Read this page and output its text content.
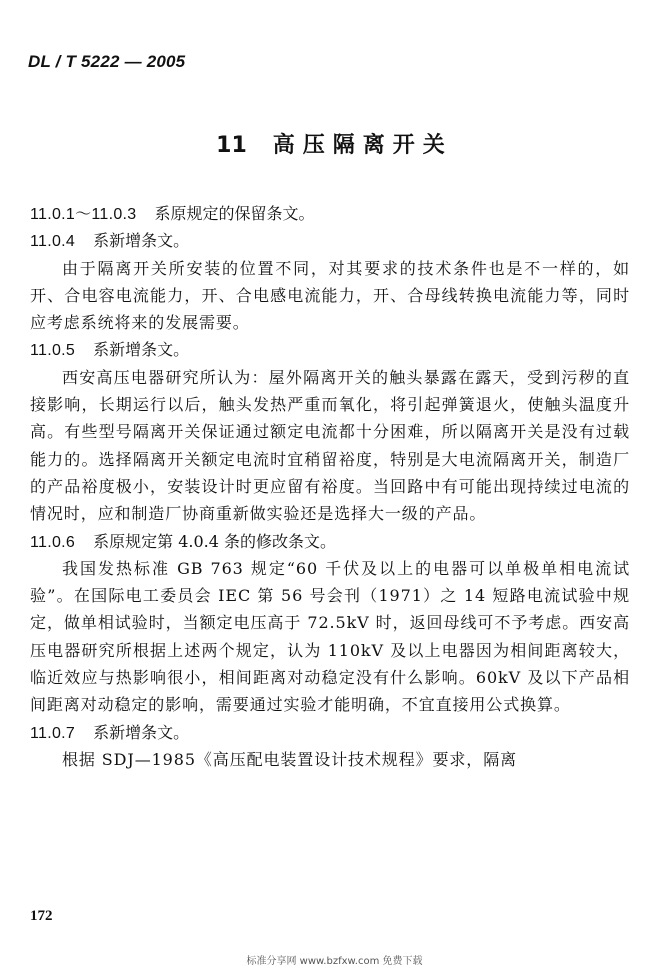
DL / T 5222 — 2005
11 高压隔离开关
11.0.1～11.0.3 系原规定的保留条文。
11.0.4 系新增条文。

由于隔离开关所安装的位置不同，对其要求的技术条件也是不一样的，如开、合电容电流能力，开、合电感电流能力，开、合母线转换电流能力等，同时应考虑系统将来的发展需要。

11.0.5 系新增条文。

西安高压电器研究所认为：屋外隔离开关的触头暴露在露天，受到污秽的直接影响，长期运行以后，触头发热严重而氧化，将引起弹簧退火，使触头温度升高。有些型号隔离开关保证通过额定电流都十分困难，所以隔离开关是没有过载能力的。选择隔离开关额定电流时宜稍留裕度，特别是大电流隔离开关，制造厂的产品裕度极小，安装设计时更应留有裕度。当回路中有可能出现持续过电流的情况时，应和制造厂协商重新做实验还是选择大一级的产品。

11.0.6 系原规定第 4.0.4 条的修改条文。

我国发热标准 GB 763 规定“60 千伏及以上的电器可以单极单相电流试验”。在国际电工委员会 IEC 第 56 号会刊（1971）之 14 短路电流试验中规定，做单相试验时，当额定电压高于 72.5kV 时，返回母线可不予考虑。西安高压电器研究所根据上述两个规定，认为 110kV 及以上电器因为相间距离较大，临近效应与热影响很小，相间距离对动稳定没有什么影响。60kV 及以下产品相间距离对动稳定的影响，需要通过实验才能明确，不宜直接用公式换算。

11.0.7 系新增条文。

根据 SDJ—1985《高压配电装置设计技术规程》要求，隔离

172
标准分享网 www.bzfxw.com 免费下载
